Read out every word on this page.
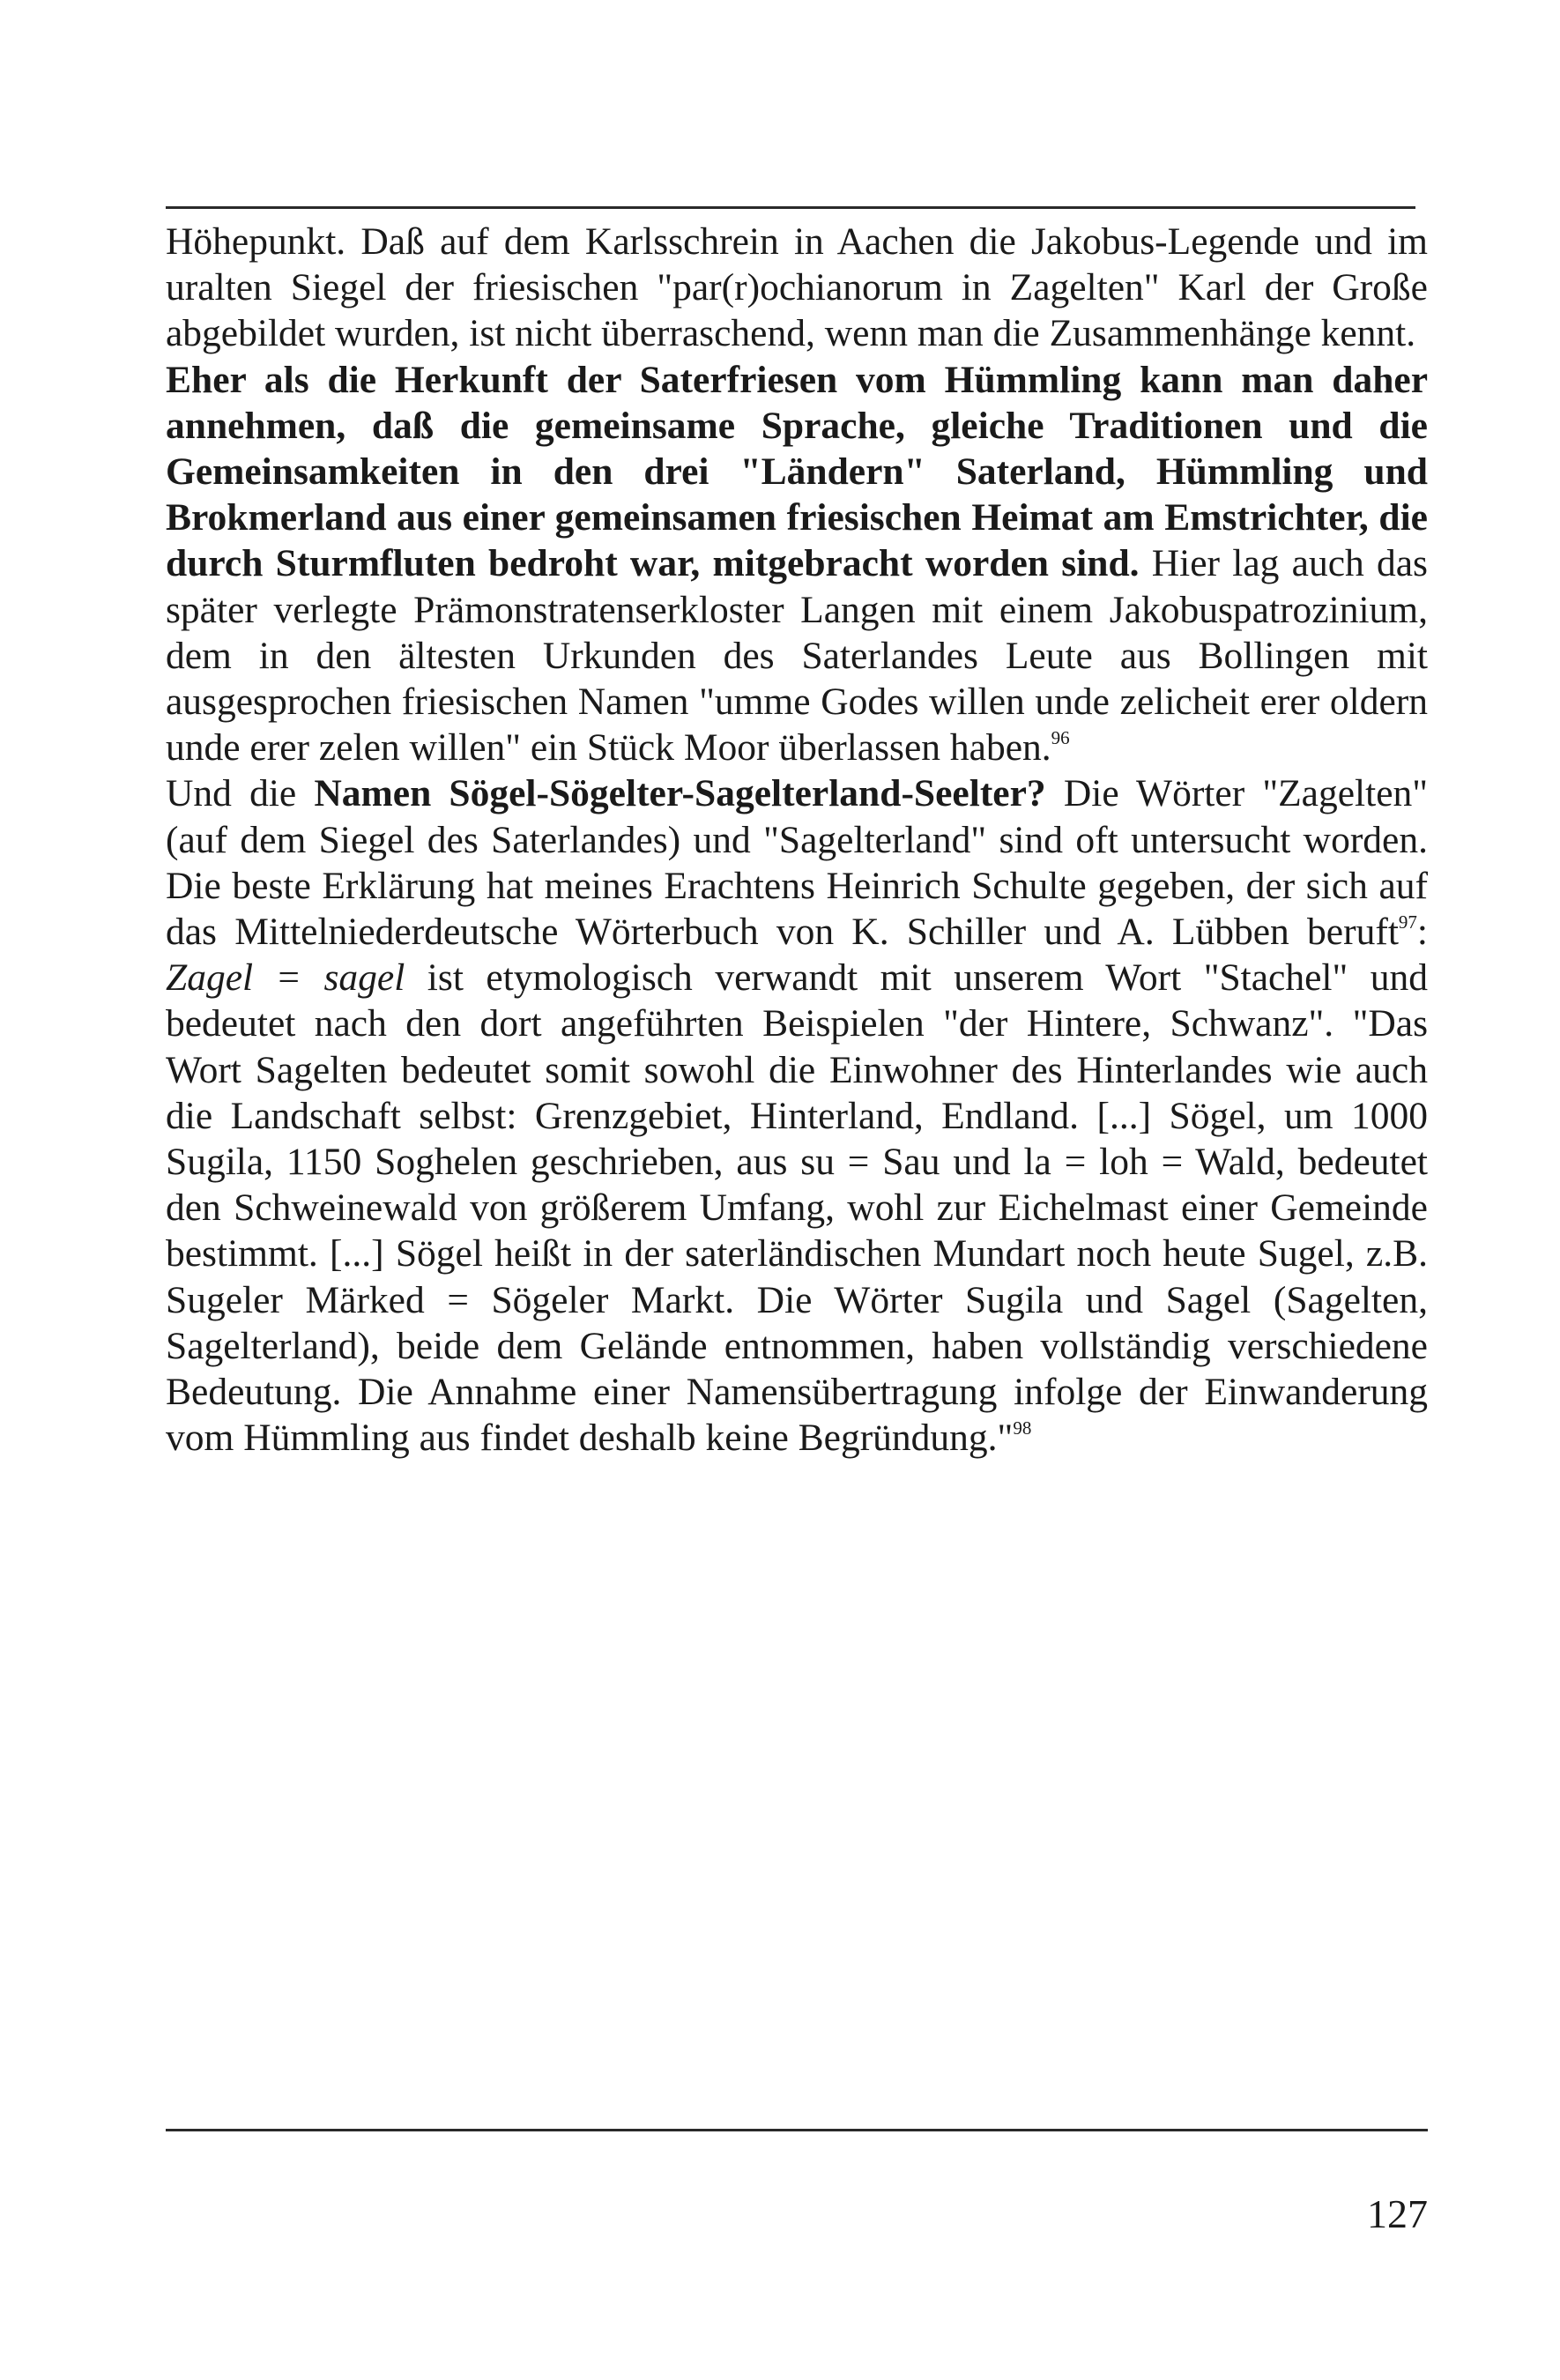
Höhepunkt. Daß auf dem Karlsschrein in Aachen die Jakobus-Legende und im uralten Siegel der friesischen "par(r)ochianorum in Zagelten" Karl der Große abgebildet wurden, ist nicht überraschend, wenn man die Zusammenhänge kennt.

Eher als die Herkunft der Saterfriesen vom Hümmling kann man daher annehmen, daß die gemeinsame Sprache, gleiche Traditionen und die Gemeinsamkeiten in den drei "Ländern" Saterland, Hümmling und Brokmerland aus einer gemeinsamen friesischen Heimat am Emstrichter, die durch Sturmfluten bedroht war, mitgebracht worden sind. Hier lag auch das später verlegte Prämonstratenserkloster Langen mit einem Jakobuspatrozinium, dem in den ältesten Urkunden des Saterlandes Leute aus Bollingen mit ausgesprochen friesischen Namen "umme Godes willen unde zelicheit erer oldern unde erer zelen willen" ein Stück Moor überlassen haben.$^{96}$

Und die Namen Sögel-Sögelter-Sagelterland-Seelter? Die Wörter "Zagelten" (auf dem Siegel des Saterlandes) und "Sagelterland" sind oft untersucht worden. Die beste Erklärung hat meines Erachtens Heinrich Schulte gegeben, der sich auf das Mittelniederdeutsche Wörterbuch von K. Schiller und A. Lübben beruft$^{97}$: Zagel = sagel ist etymologisch verwandt mit unserem Wort "Stachel" und bedeutet nach den dort angeführten Beispielen "der Hintere, Schwanz". "Das Wort Sagelten bedeutet somit sowohl die Einwohner des Hinterlandes wie auch die Landschaft selbst: Grenzgebiet, Hinterland, Endland. [...] Sögel, um 1000 Sugila, 1150 Soghelen geschrieben, aus su = Sau und la = loh = Wald, bedeutet den Schweinewald von größerem Umfang, wohl zur Eichelmast einer Gemeinde bestimmt. [...] Sögel heißt in der saterländischen Mundart noch heute Sugel, z.B. Sugeler Märked = Sögeler Markt. Die Wörter Sugila und Sagel (Sagelten, Sagelterland), beide dem Gelände entnommen, haben vollständig verschiedene Bedeutung. Die Annahme einer Namensübertragung infolge der Einwanderung vom Hümmling aus findet deshalb keine Begründung."$^{98}$

127
